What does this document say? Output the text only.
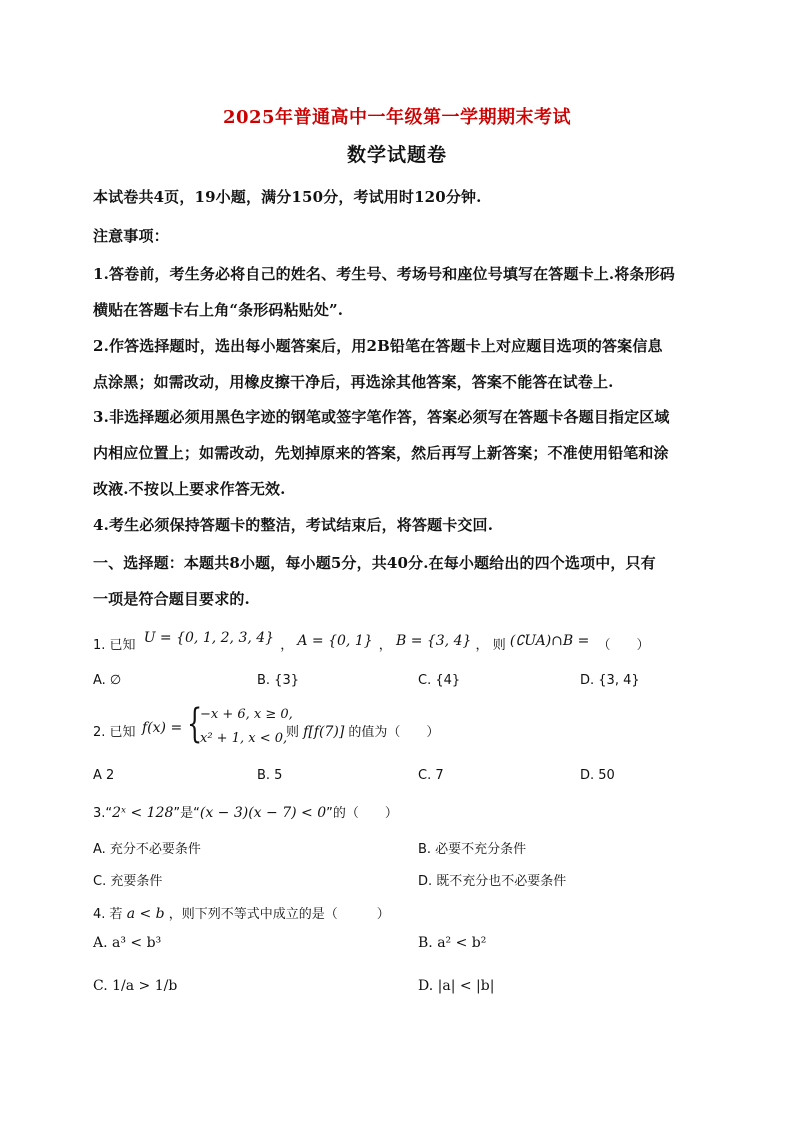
2025年普通高中一年级第一学期期末考试
数学试题卷
本试卷共4页，19小题，满分150分，考试用时120分钟.
注意事项：
1.答卷前，考生务必将自己的姓名、考生号、考场号和座位号填写在答题卡上.将条形码
横贴在答题卡右上角“条形码粘贴处”.
2.作答选择题时，选出每小题答案后，用2B铅笔在答题卡上对应题目选项的答案信息
点涂黑；如需改动，用橡皮擦干净后，再选涂其他答案，答案不能答在试卷上.
3.非选择题必须用黑色字迹的钢笔或签字笔作答，答案必须写在答题卡各题目指定区域
内相应位置上；如需改动，先划掉原来的答案，然后再写上新答案；不准使用铅笔和涂
改液.不按以上要求作答无效.
4.考生必须保持答题卡的整洁，考试结束后，将答题卡交回.
一、选择题：本题共8小题，每小题5分，共40分.在每小题给出的四个选项中，只有
一项是符合题目要求的.
1. 已知 U = {0, 1, 2, 3, 4} ， A = {0, 1} ， B = {3, 4} ， 则 (∁UA)∩B = （　　）
A. ∅	B. {3}	C. {4}	D. {3, 4}
2. 已知 f(x) = {
−x + 6, x ≥ 0,
x² + 1, x < 0,
则 f[f(7)] 的值为（　　）
A 2	B. 5	C. 7	D. 50
3.“2ˣ < 128”是“(x − 3)(x − 7) < 0”的（　　）
A. 充分不必要条件	B. 必要不充分条件
C. 充要条件	D. 既不充分也不必要条件
4. 若 a < b ，则下列不等式中成立的是（　　　）
A. a³ < b³	B. a² < b²
C. 1/a > 1/b	D. |a| < |b|
